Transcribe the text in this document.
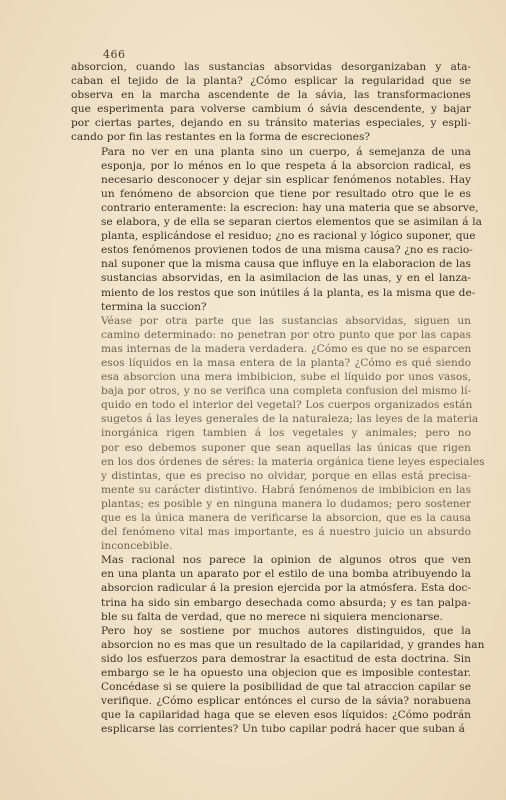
466

absorcion, cuando las sustancias absorvidas desorganizaban y ata-
caban el tejido de la planta? ¿Cómo esplicar la regularidad que se
observa en la marcha ascendente de la sávia, las transformaciones
que esperimenta para volverse cambium ó sávia descendente, y bajar
por ciertas partes, dejando en su tránsito materias especiales, y espli-
cando por fin las restantes en la forma de escreciones?

Para no ver en una planta sino un cuerpo, á semejanza de una
esponja, por lo ménos en lo que respeta á la absorcion radical, es
necesario desconocer y dejar sin esplicar fenómenos notables. Hay
un fenómeno de absorcion que tiene por resultado otro que le es
contrario enteramente: la escrecion: hay una materia que se absorve,
se elabora, y de ella se separan ciertos elementos que se asimilan á la
planta, esplicándose el residuo; ¿no es racional y lógico suponer, que
estos fenómenos provienen todos de una misma causa? ¿no es racio-
nal suponer que la misma causa que influye en la elaboracion de las
sustancias absorvidas, en la asimilacion de las unas, y en el lanza-
miento de los restos que son inútiles á la planta, es la misma que de-
termina la succion?

Véase por otra parte que las sustancias absorvidas, siguen un
camino determinado: no penetran por otro punto que por las capas
mas internas de la madera verdadera. ¿Cómo es que no se esparcen
esos líquidos en la masa entera de la planta? ¿Cómo es qué siendo
esa absorcion una mera imbibicion, sube el líquido por unos vasos,
baja por otros, y no se verifica una completa confusion del mismo lí-
quido en todo el interior del vegetal? Los cuerpos organizados están
sugetos á las leyes generales de la naturaleza; las leyes de la materia
inorgánica rigen tambien á los vegetales y animales; pero no
por eso debemos suponer que sean aquellas las únicas que rigen
en los dos órdenes de séres: la materia orgánica tiene leyes especiales
y distintas, que es preciso no olvidar, porque en ellas está precisa-
mente su carácter distintivo. Habrá fenómenos de imbibicion en las
plantas; es posible y en ninguna manera lo dudamos; pero sostener
que es la única manera de verificarse la absorcion, que es la causa
del fenómeno vital mas importante, es á nuestro juicio un absurdo
inconcebible.

Mas racional nos parece la opinion de algunos otros que ven
en una planta un aparato por el estilo de una bomba atribuyendo la
absorcion radicular á la presion ejercida por la atmósfera. Esta doc-
trina ha sido sin embargo desechada como absurda; y es tan palpa-
ble su falta de verdad, que no merece ni siquiera mencionarse.

Pero hoy se sostiene por muchos autores distinguidos, que la
absorcion no es mas que un resultado de la capilaridad, y grandes han
sido los esfuerzos para demostrar la esactitud de esta doctrina. Sin
embargo se le ha opuesto una objecion que es imposible contestar.
Concédase si se quiere la posibilidad de que tal atraccion capilar se
verifique. ¿Cómo esplicar entónces el curso de la sávia? norabuena
que la capilaridad haga que se eleven esos líquidos: ¿Cómo podrán
esplicarse las corrientes? Un tubo capilar podrá hacer que suban á
